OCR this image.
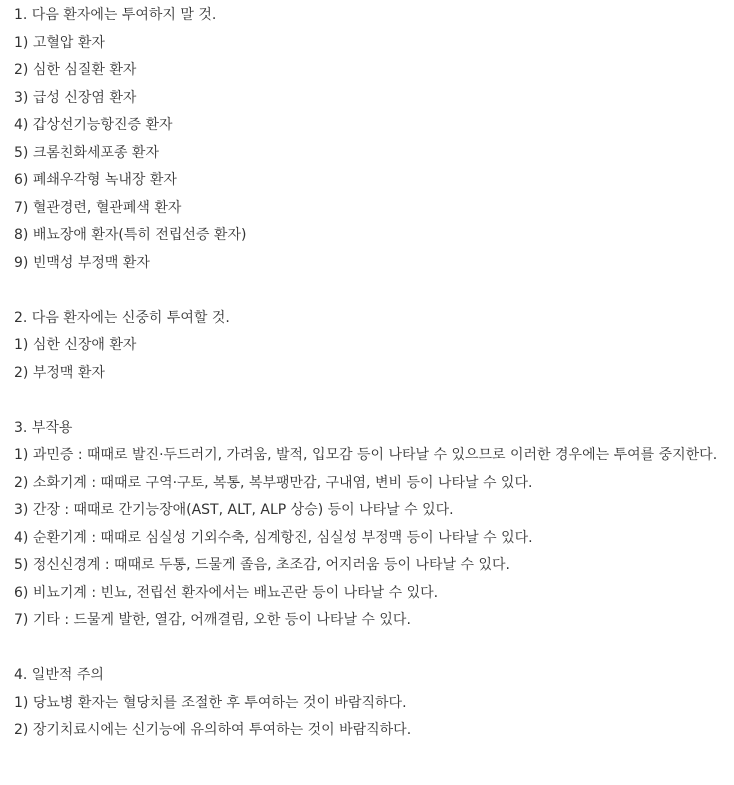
1. 다음 환자에는 투여하지 말 것.
1) 고혈압 환자
2) 심한 심질환 환자
3) 급성 신장염 환자
4) 갑상선기능항진증 환자
5) 크롬친화세포종 환자
6) 폐쇄우각형 녹내장 환자
7) 혈관경련, 혈관폐색 환자
8) 배뇨장애 환자(특히 전립선증 환자)
9) 빈맥성 부정맥 환자
2. 다음 환자에는 신중히 투여할 것.
1) 심한 신장애 환자
2) 부정맥 환자
3. 부작용
1) 과민증 : 때때로 발진·두드러기, 가려움, 발적, 입모감 등이 나타날 수 있으므로 이러한 경우에는 투여를 중지한다.
2) 소화기계 : 때때로 구역·구토, 복통, 복부팽만감, 구내염, 변비 등이 나타날 수 있다.
3) 간장 : 때때로 간기능장애(AST, ALT, ALP 상승) 등이 나타날 수 있다.
4) 순환기계 : 때때로 심실성 기외수축, 심계항진, 심실성 부정맥 등이 나타날 수 있다.
5) 정신신경계 : 때때로 두통, 드물게 졸음, 초조감, 어지러움 등이 나타날 수 있다.
6) 비뇨기계 : 빈뇨, 전립선 환자에서는 배뇨곤란 등이 나타날 수 있다.
7) 기타 : 드물게 발한, 열감, 어깨결림, 오한 등이 나타날 수 있다.
4. 일반적 주의
1) 당뇨병 환자는 혈당치를 조절한 후 투여하는 것이 바람직하다.
2) 장기치료시에는 신기능에 유의하여 투여하는 것이 바람직하다.
